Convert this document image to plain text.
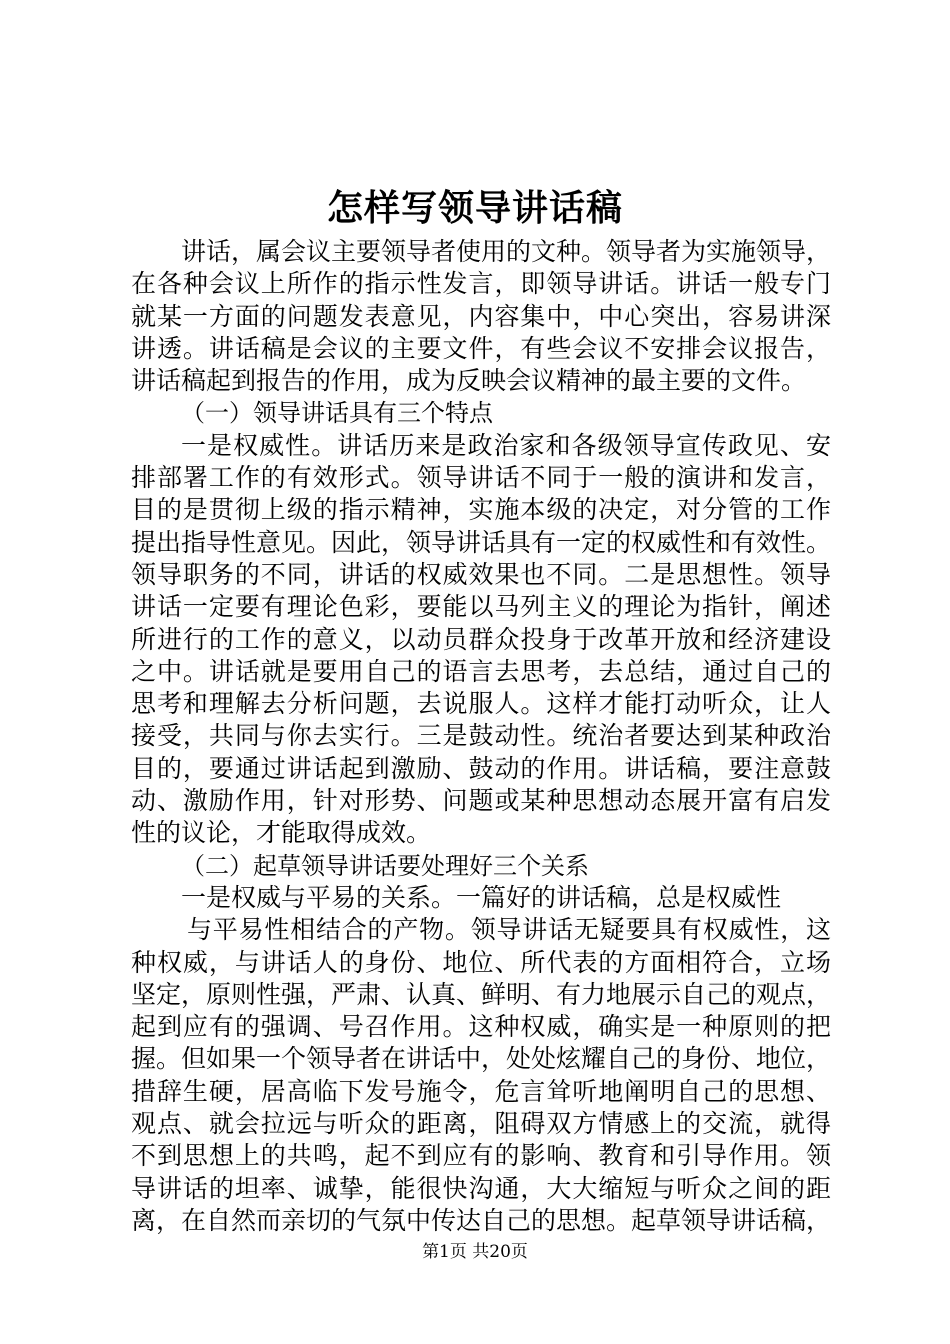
怎样写领导讲话稿
讲话，属会议主要领导者使用的文种。领导者为实施领导，
在各种会议上所作的指示性发言，即领导讲话。讲话一般专门
就某一方面的问题发表意见，内容集中，中心突出，容易讲深
讲透。讲话稿是会议的主要文件，有些会议不安排会议报告，
讲话稿起到报告的作用，成为反映会议精神的最主要的文件。
（一）领导讲话具有三个特点
一是权威性。讲话历来是政治家和各级领导宣传政见、安
排部署工作的有效形式。领导讲话不同于一般的演讲和发言，
目的是贯彻上级的指示精神，实施本级的决定，对分管的工作
提出指导性意见。因此，领导讲话具有一定的权威性和有效性。
领导职务的不同，讲话的权威效果也不同。二是思想性。领导
讲话一定要有理论色彩，要能以马列主义的理论为指针，阐述
所进行的工作的意义，以动员群众投身于改革开放和经济建设
之中。讲话就是要用自己的语言去思考，去总结，通过自己的
思考和理解去分析问题，去说服人。这样才能打动听众，让人
接受，共同与你去实行。三是鼓动性。统治者要达到某种政治
目的，要通过讲话起到激励、鼓动的作用。讲话稿，要注意鼓
动、激励作用，针对形势、问题或某种思想动态展开富有启发
性的议论，才能取得成效。
（二）起草领导讲话要处理好三个关系
一是权威与平易的关系。一篇好的讲话稿，总是权威性
与平易性相结合的产物。领导讲话无疑要具有权威性，这
种权威，与讲话人的身份、地位、所代表的方面相符合，立场
坚定，原则性强，严肃、认真、鲜明、有力地展示自己的观点，
起到应有的强调、号召作用。这种权威，确实是一种原则的把
握。但如果一个领导者在讲话中，处处炫耀自己的身份、地位，
措辞生硬，居高临下发号施令，危言耸听地阐明自己的思想、
观点、就会拉远与听众的距离，阻碍双方情感上的交流，就得
不到思想上的共鸣，起不到应有的影响、教育和引导作用。领
导讲话的坦率、诚挚，能很快沟通，大大缩短与听众之间的距
离，在自然而亲切的气氛中传达自己的思想。起草领导讲话稿，
第1页 共20页
